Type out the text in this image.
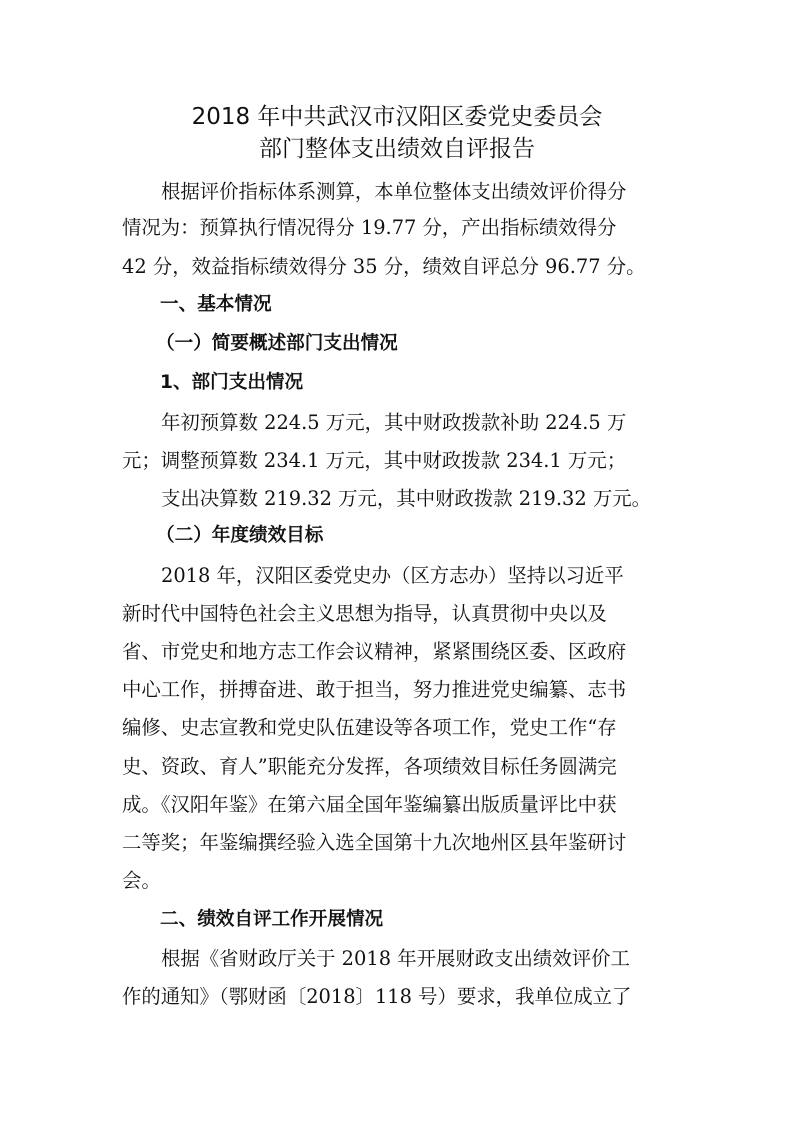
2018 年中共武汉市汉阳区委党史委员会
部门整体支出绩效自评报告
根据评价指标体系测算，本单位整体支出绩效评价得分
情况为：预算执行情况得分 19.77 分，产出指标绩效得分
42 分，效益指标绩效得分 35 分，绩效自评总分 96.77 分。
一、基本情况
（一）简要概述部门支出情况
1、部门支出情况
年初预算数 224.5 万元，其中财政拨款补助 224.5 万
元；调整预算数 234.1 万元，其中财政拨款 234.1 万元；
支出决算数 219.32 万元，其中财政拨款 219.32 万元。
（二）年度绩效目标
2018 年，汉阳区委党史办（区方志办）坚持以习近平
新时代中国特色社会主义思想为指导，认真贯彻中央以及
省、市党史和地方志工作会议精神，紧紧围绕区委、区政府
中心工作，拼搏奋进、敢于担当，努力推进党史编纂、志书
编修、史志宣教和党史队伍建设等各项工作，党史工作“存
史、资政、育人”职能充分发挥，各项绩效目标任务圆满完
成。《汉阳年鉴》在第六届全国年鉴编纂出版质量评比中获
二等奖；年鉴编撰经验入选全国第十九次地州区县年鉴研讨
会。
二、绩效自评工作开展情况
根据《省财政厅关于 2018 年开展财政支出绩效评价工
作的通知》（鄂财函〔2018〕118 号）要求，我单位成立了
